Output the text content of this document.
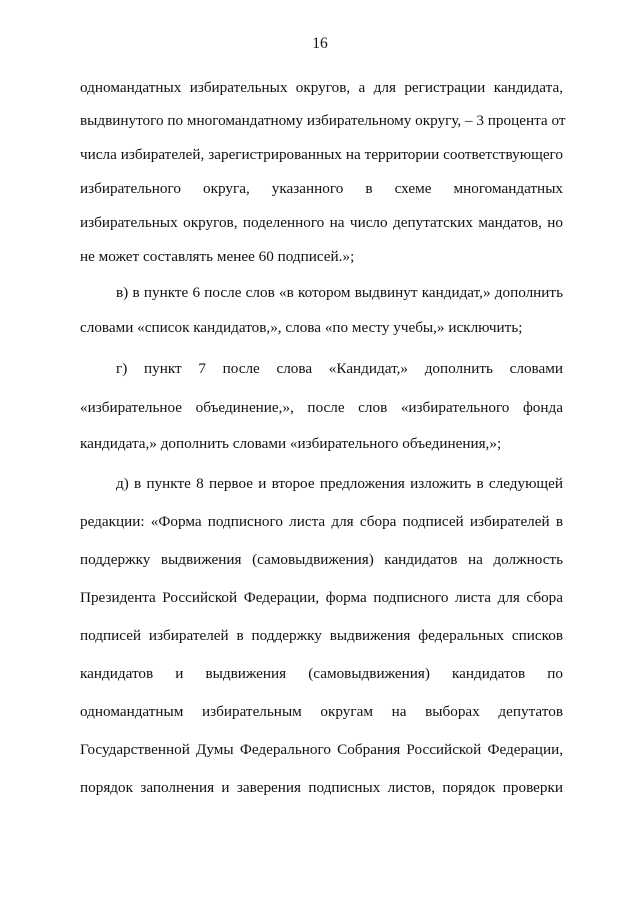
16
одномандатных избирательных округов, а для регистрации кандидата,
выдвинутого по многомандатному избирательному округу, – 3 процента от
числа избирателей, зарегистрированных на территории соответствующего
избирательного округа, указанного в схеме многомандатных
избирательных округов, поделенного на число депутатских мандатов, но
не может составлять менее 60 подписей.»;
в) в пункте 6 после слов «в котором выдвинут кандидат,» дополнить
словами «список кандидатов,», слова «по месту учебы,» исключить;
г) пункт 7 после слова «Кандидат,» дополнить словами
«избирательное объединение,», после слов «избирательного фонда
кандидата,» дополнить словами «избирательного объединения,»;
д) в пункте 8 первое и второе предложения изложить в следующей
редакции: «Форма подписного листа для сбора подписей избирателей в
поддержку выдвижения (самовыдвижения) кандидатов на должность
Президента Российской Федерации, форма подписного листа для сбора
подписей избирателей в поддержку выдвижения федеральных списков
кандидатов и выдвижения (самовыдвижения) кандидатов по
одномандатным избирательным округам на выборах депутатов
Государственной Думы Федерального Собрания Российской Федерации,
порядок заполнения и заверения подписных листов, порядок проверки
